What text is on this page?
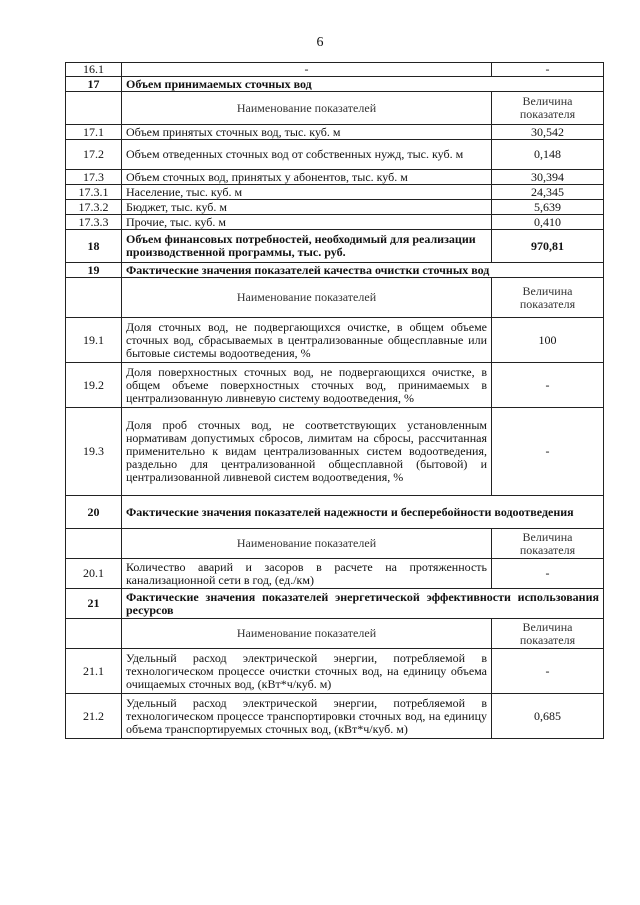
6
16.1	-	-
17	Объем принимаемых сточных вод	
	Наименование показателей	Величина показателя
17.1	Объем принятых сточных вод, тыс. куб. м	30,542
17.2	Объем отведенных сточных вод от собственных нужд, тыс. куб. м	0,148
17.3	Объем сточных вод, принятых у абонентов, тыс. куб. м	30,394
17.3.1	Население, тыс. куб. м	24,345
17.3.2	Бюджет, тыс. куб. м	5,639
17.3.3	Прочие, тыс. куб. м	0,410
18	Объем финансовых потребностей, необходимый для реализации производственной программы, тыс. руб.	970,81
19	Фактические значения показателей качества очистки сточных вод	
	Наименование показателей	Величина показателя
19.1	Доля сточных вод, не подвергающихся очистке, в общем объеме сточных вод, сбрасываемых в централизованные общесплавные или бытовые системы водоотведения, %	100
19.2	Доля поверхностных сточных вод, не подвергающихся очистке, в общем объеме поверхностных сточных вод, принимаемых в централизованную ливневую систему водоотведения, %	-
19.3	Доля проб сточных вод, не соответствующих установленным нормативам допустимых сбросов, лимитам на сбросы, рассчитанная применительно к видам централизованных систем водоотведения, раздельно для централизованной общесплавной (бытовой) и централизованной ливневой систем водоотведения, %	-
20	Фактические значения показателей надежности и бесперебойности водоотведения	
	Наименование показателей	Величина показателя
20.1	Количество аварий и засоров в расчете на протяженность канализационной сети в год, (ед./км)	-
21	Фактические значения показателей энергетической эффективности использования ресурсов	
	Наименование показателей	Величина показателя
21.1	Удельный расход электрической энергии, потребляемой в технологическом процессе очистки сточных вод, на единицу объема очищаемых сточных вод, (кВт*ч/куб. м)	-
21.2	Удельный расход электрической энергии, потребляемой в технологическом процессе транспортировки сточных вод, на единицу объема транспортируемых сточных вод, (кВт*ч/куб. м)	0,685
